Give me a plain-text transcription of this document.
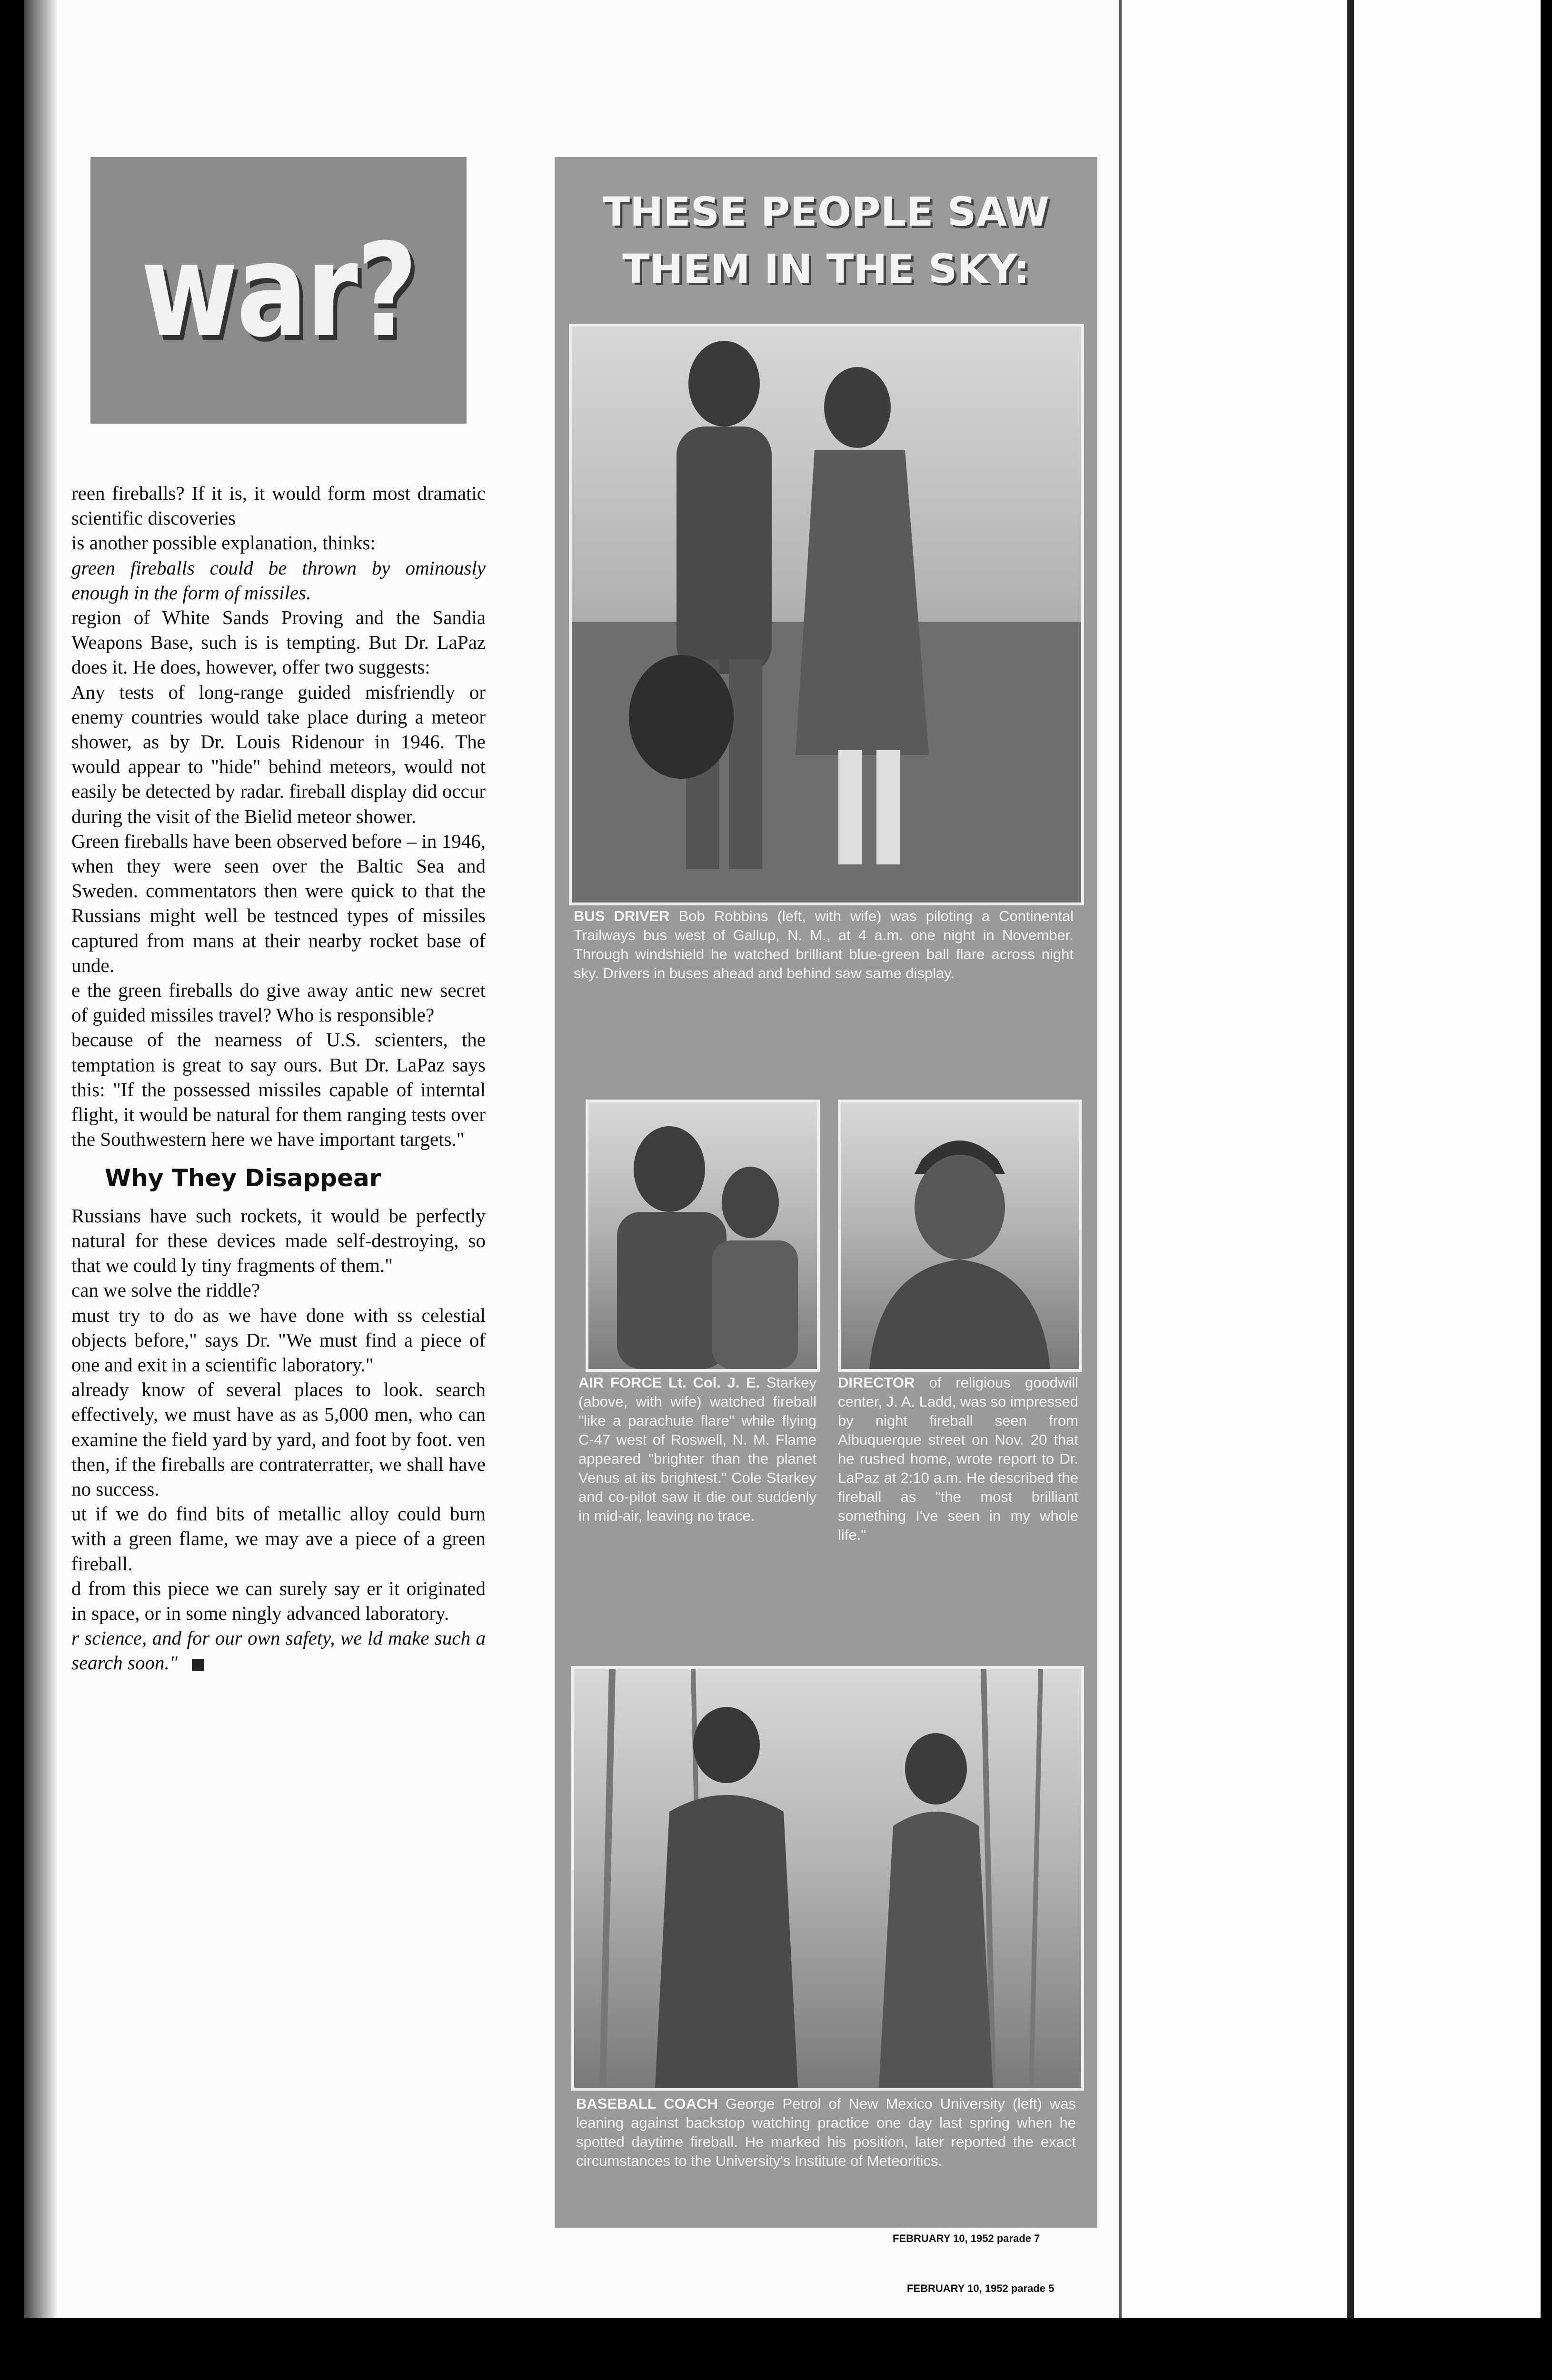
war?

reen fireballs? If it is, it would form most dramatic scientific discoveries

is another possible explanation, thinks:

green fireballs could be thrown by ominously enough in the form of missiles.

region of White Sands Proving and the Sandia Weapons Base, such is is tempting. But Dr. LaPaz does it. He does, however, offer two suggests:

Any tests of long-range guided misfriendly or enemy countries would take place during a meteor shower, as by Dr. Louis Ridenour in 1946. The would appear to "hide" behind meteors, would not easily be detected by radar. fireball display did occur during the visit of the Bielid meteor shower.

Green fireballs have been observed before – in 1946, when they were seen over the Baltic Sea and Sweden. commentators then were quick to that the Russians might well be testnced types of missiles captured from mans at their nearby rocket base of unde.

e the green fireballs do give away antic new secret of guided missiles travel? Who is responsible?

because of the nearness of U.S. scienters, the temptation is great to say ours. But Dr. LaPaz says this: "If the possessed missiles capable of interntal flight, it would be natural for them ranging tests over the Southwestern here we have important targets."

Why They Disappear

Russians have such rockets, it would be perfectly natural for these devices made self-destroying, so that we could ly tiny fragments of them."

can we solve the riddle?

must try to do as we have done with ss celestial objects before," says Dr. "We must find a piece of one and exit in a scientific laboratory."

already know of several places to look. search effectively, we must have as as 5,000 men, who can examine the field yard by yard, and foot by foot. ven then, if the fireballs are contraterratter, we shall have no success.

ut if we do find bits of metallic alloy could burn with a green flame, we may ave a piece of a green fireball.

d from this piece we can surely say er it originated in space, or in some ningly advanced laboratory.

r science, and for our own safety, we ld make such a search soon."

THESE PEOPLE SAW
THEM IN THE SKY:
BUS DRIVER Bob Robbins (left, with wife) was piloting a Continental Trailways bus west of Gallup, N. M., at 4 a.m. one night in November. Through windshield he watched brilliant blue-green ball flare across night sky. Drivers in buses ahead and behind saw same display.
AIR FORCE Lt. Col. J. E. Starkey (above, with wife) watched fireball "like a parachute flare" while flying C-47 west of Roswell, N. M. Flame appeared "brighter than the planet Venus at its brightest." Cole Starkey and co-pilot saw it die out suddenly in mid-air, leaving no trace.
DIRECTOR of religious goodwill center, J. A. Ladd, was so impressed by night fireball seen from Albuquerque street on Nov. 20 that he rushed home, wrote report to Dr. LaPaz at 2:10 a.m. He described the fireball as "the most brilliant something I've seen in my whole life."
BASEBALL COACH George Petrol of New Mexico University (left) was leaning against backstop watching practice one day last spring when he spotted daytime fireball. He marked his position, later reported the exact circumstances to the University's Institute of Meteoritics.
FEBRUARY 10, 1952 parade 7
FEBRUARY 10, 1952 parade 5
